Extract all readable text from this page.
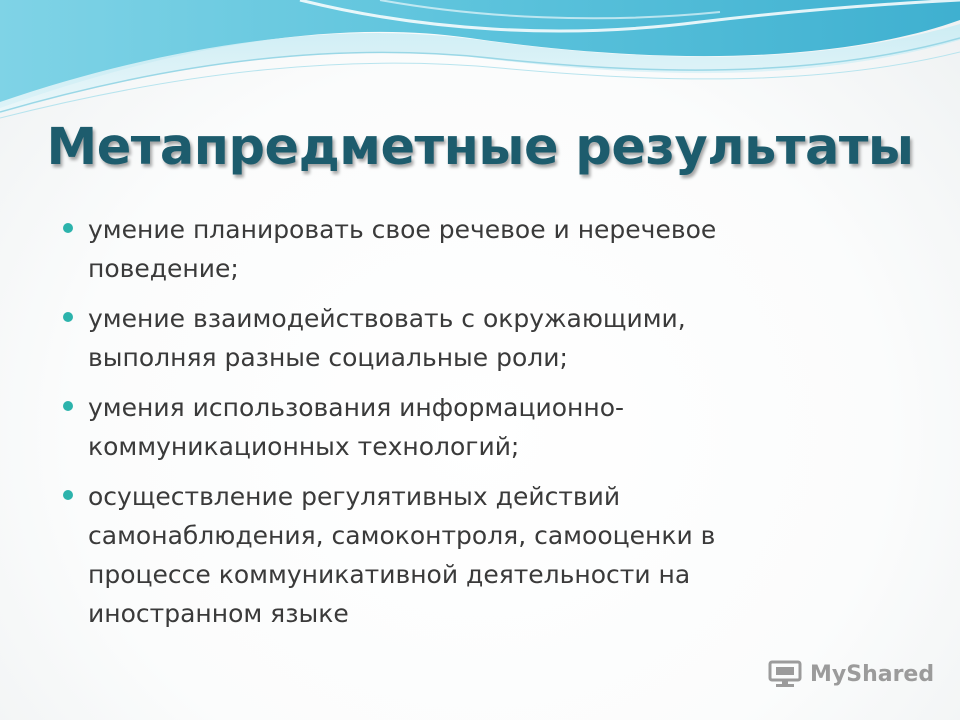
Метапредметные результаты
умение планировать свое речевое и неречевое поведение;
умение взаимодействовать с окружающими, выполняя разные социальные роли;
умения использования информационно-коммуникационных технологий;
осуществление регулятивных действий самонаблюдения, самоконтроля, самооценки в процессе коммуникативной деятельности на иностранном языке
MyShared
